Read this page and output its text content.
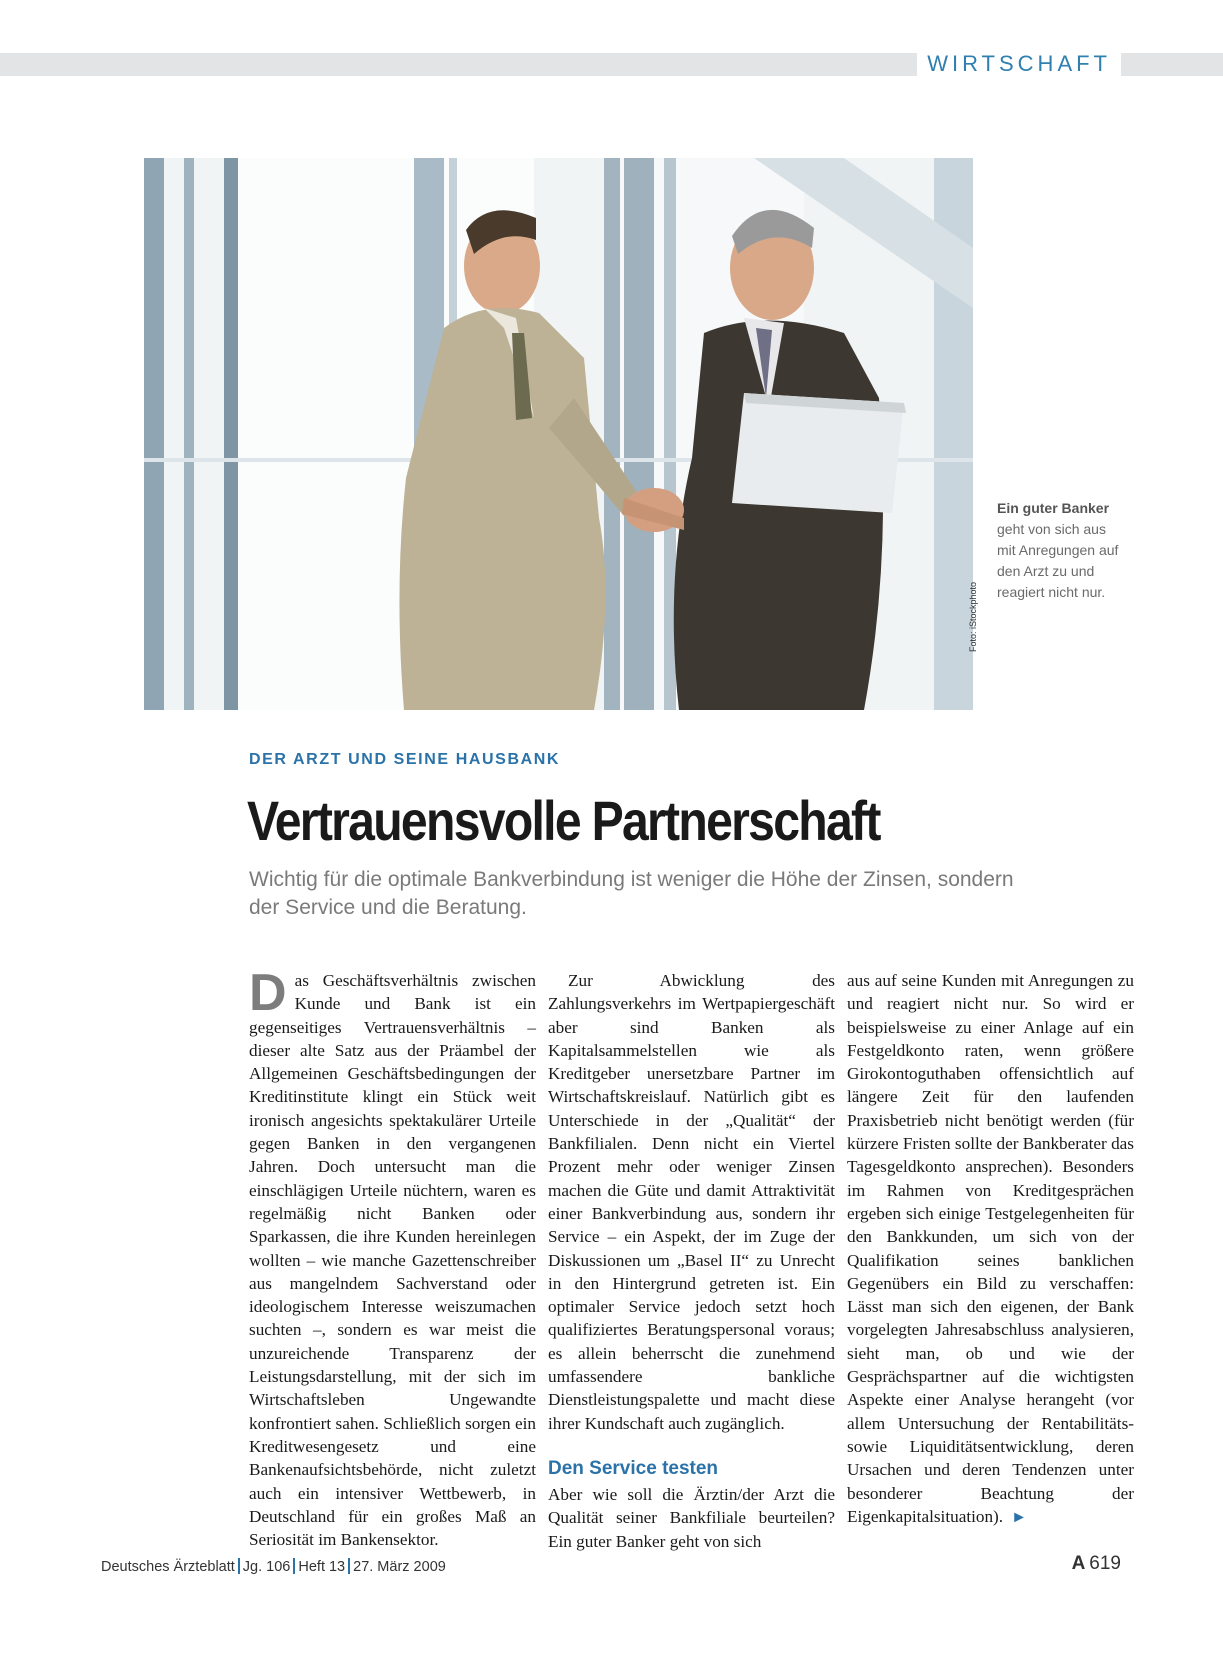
WIRTSCHAFT
Foto: iStockphoto
Ein guter Banker geht von sich aus mit Anregungen auf den Arzt zu und reagiert nicht nur.
DER ARZT UND SEINE HAUSBANK
Vertrauensvolle Partnerschaft
Wichtig für die optimale Bankverbindung ist weniger die Höhe der Zinsen, sondern der Service und die Beratung.

Das Geschäftsverhältnis zwischen Kunde und Bank ist ein gegenseitiges Vertrauensverhältnis – dieser alte Satz aus der Präambel der Allgemeinen Geschäftsbedingungen der Kreditinstitute klingt ein Stück weit ironisch angesichts spektakulärer Urteile gegen Banken in den vergangenen Jahren. Doch untersucht man die einschlägigen Urteile nüchtern, waren es regelmäßig nicht Banken oder Sparkassen, die ihre Kunden hereinlegen wollten – wie manche Gazettenschreiber aus mangelndem Sachverstand oder ideologischem Interesse weiszumachen suchten –, sondern es war meist die unzureichende Transparenz der Leistungsdarstellung, mit der sich im Wirtschaftsleben Ungewandte konfrontiert sahen. Schließlich sorgen ein Kreditwesengesetz und eine Bankenaufsichtsbehörde, nicht zuletzt auch ein intensiver Wettbewerb, in Deutschland für ein großes Maß an Seriosität im Bankensektor.

Zur Abwicklung des Zahlungsverkehrs im Wertpapiergeschäft aber sind Banken als Kapitalsammelstellen wie als Kreditgeber unersetzbare Partner im Wirtschaftskreislauf. Natürlich gibt es Unterschiede in der „Qualität“ der Bankfilialen. Denn nicht ein Viertel Prozent mehr oder weniger Zinsen machen die Güte und damit Attraktivität einer Bankverbindung aus, sondern ihr Service – ein Aspekt, der im Zuge der Diskussionen um „Basel II“ zu Unrecht in den Hintergrund getreten ist. Ein optimaler Service jedoch setzt hoch qualifiziertes Beratungspersonal voraus; es allein beherrscht die zunehmend umfassendere bankliche Dienstleistungspalette und macht diese ihrer Kundschaft auch zugänglich.

Den Service testen

Aber wie soll die Ärztin/der Arzt die Qualität seiner Bankfiliale beurteilen? Ein guter Banker geht von sich

aus auf seine Kunden mit Anregungen zu und reagiert nicht nur. So wird er beispielsweise zu einer Anlage auf ein Festgeldkonto raten, wenn größere Girokontoguthaben offensichtlich auf längere Zeit für den laufenden Praxisbetrieb nicht benötigt werden (für kürzere Fristen sollte der Bankberater das Tagesgeldkonto ansprechen). Besonders im Rahmen von Kreditgesprächen ergeben sich einige Testgelegenheiten für den Bankkunden, um sich von der Qualifikation seines banklichen Gegenübers ein Bild zu verschaffen: Lässt man sich den eigenen, der Bank vorgelegten Jahresabschluss analysieren, sieht man, ob und wie der Gesprächspartner auf die wichtigsten Aspekte einer Analyse herangeht (vor allem Untersuchung der Rentabilitäts- sowie Liquiditätsentwicklung, deren Ursachen und deren Tendenzen unter besonderer Beachtung der Eigenkapitalsituation). ►

Deutsches Ärzteblatt Jg. 106 Heft 13 27. März 2009	A 619
